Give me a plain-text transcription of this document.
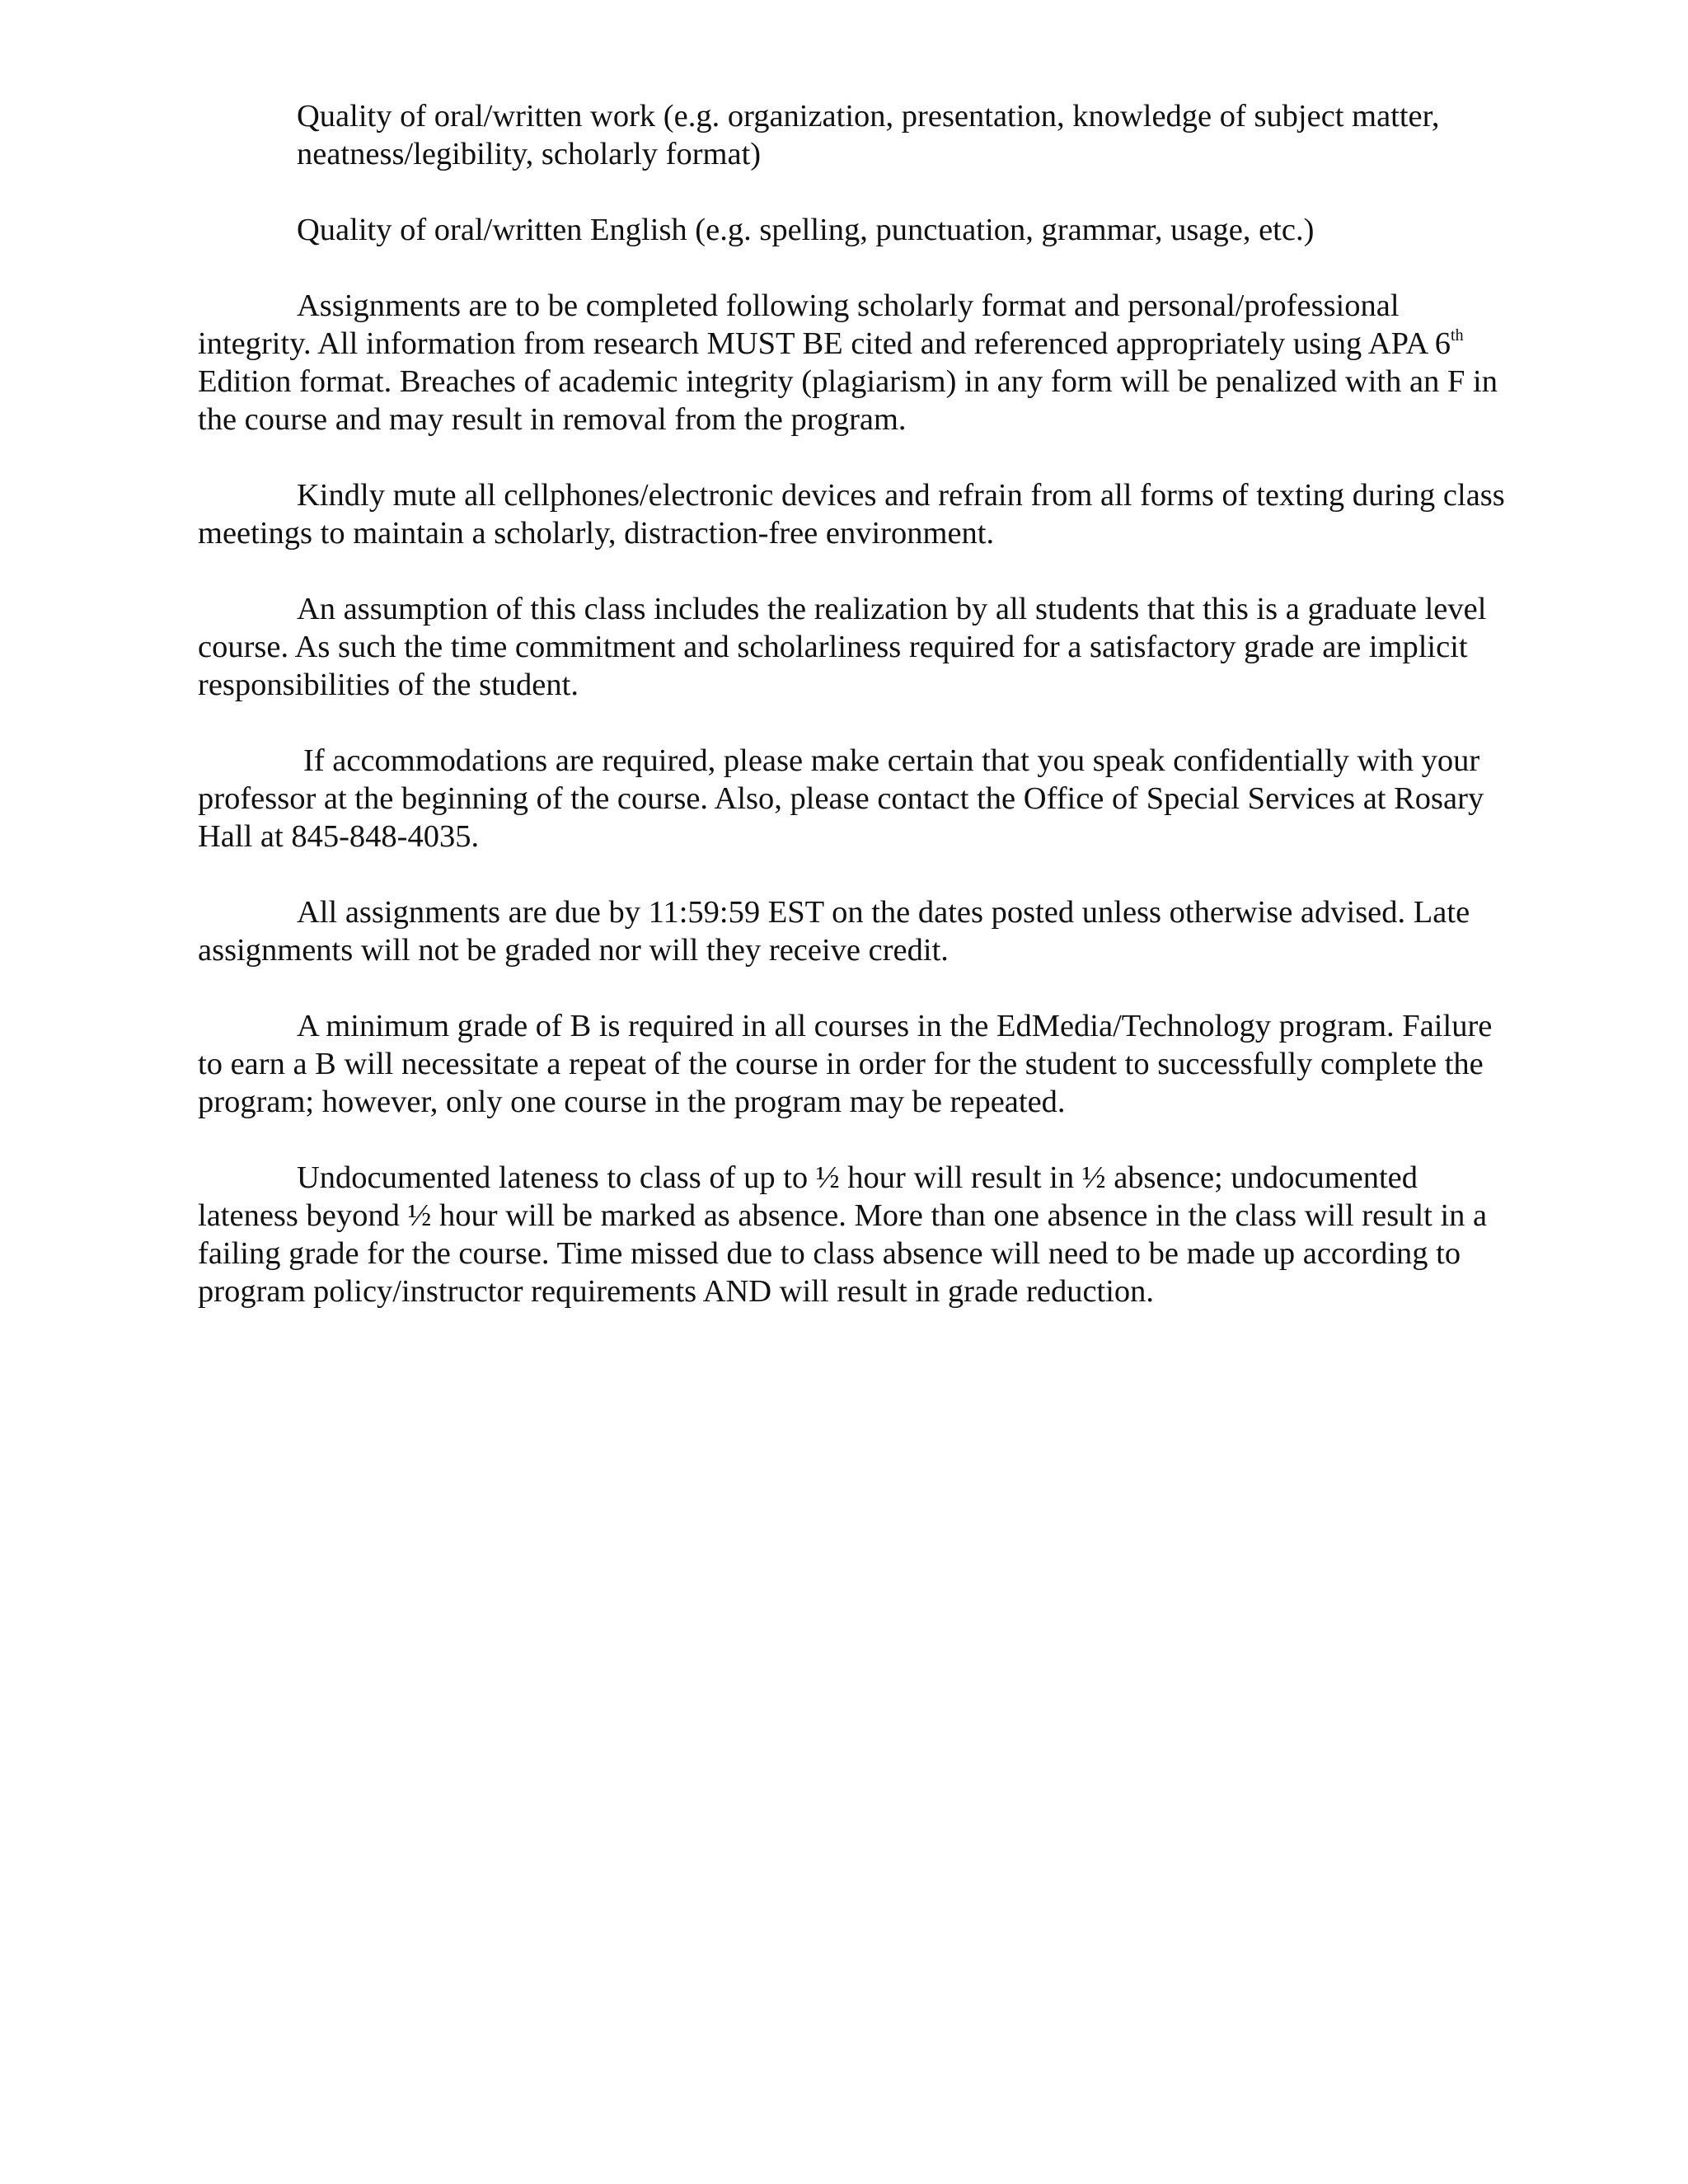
Quality of oral/written work (e.g. organization, presentation, knowledge of subject matter, neatness/legibility, scholarly format)
Quality of oral/written English (e.g. spelling, punctuation, grammar, usage, etc.)

Assignments are to be completed following scholarly format and personal/professional integrity. All information from research MUST BE cited and referenced appropriately using APA 6th Edition format. Breaches of academic integrity (plagiarism) in any form will be penalized with an F in the course and may result in removal from the program.

Kindly mute all cellphones/electronic devices and refrain from all forms of texting during class meetings to maintain a scholarly, distraction-free environment.

An assumption of this class includes the realization by all students that this is a graduate level course. As such the time commitment and scholarliness required for a satisfactory grade are implicit responsibilities of the student.

If accommodations are required, please make certain that you speak confidentially with your professor at the beginning of the course. Also, please contact the Office of Special Services at Rosary Hall at 845-848-4035.

All assignments are due by 11:59:59 EST on the dates posted unless otherwise advised. Late assignments will not be graded nor will they receive credit.

A minimum grade of B is required in all courses in the EdMedia/Technology program. Failure to earn a B will necessitate a repeat of the course in order for the student to successfully complete the program; however, only one course in the program may be repeated.

Undocumented lateness to class of up to ½ hour will result in ½ absence; undocumented lateness beyond ½ hour will be marked as absence. More than one absence in the class will result in a failing grade for the course. Time missed due to class absence will need to be made up according to program policy/instructor requirements AND will result in grade reduction.
